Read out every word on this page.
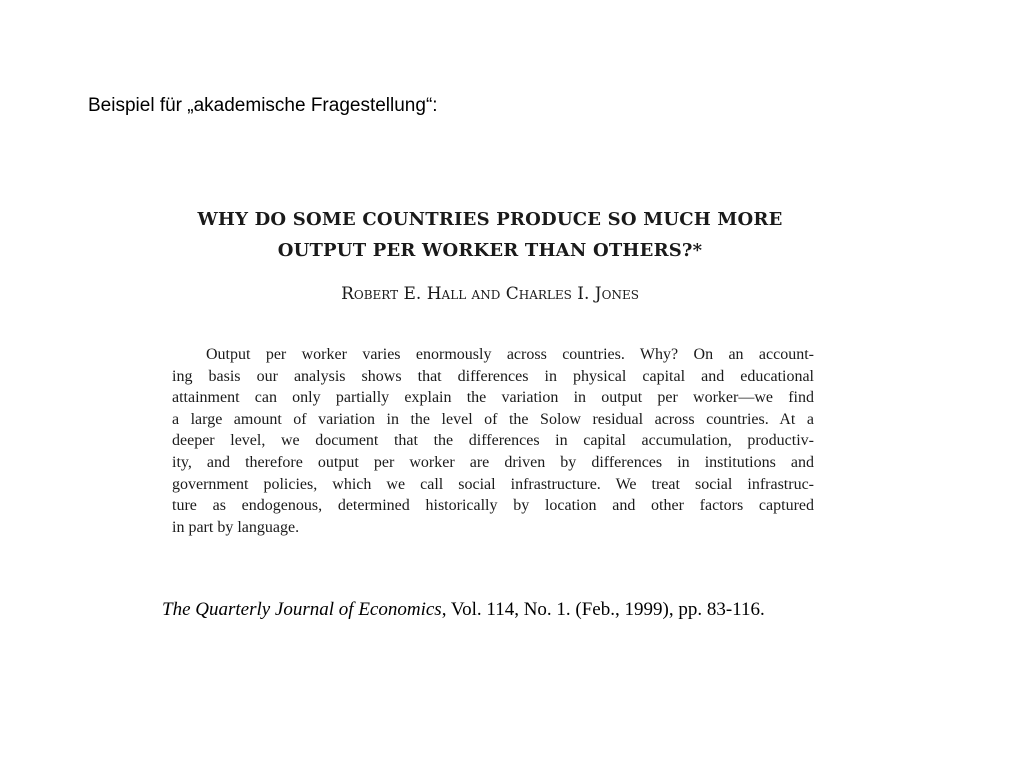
Beispiel für „akademische Fragestellung“:
WHY DO SOME COUNTRIES PRODUCE SO MUCH MORE
OUTPUT PER WORKER THAN OTHERS?*
Robert E. Hall and Charles I. Jones
Output per worker varies enormously across countries. Why? On an account-
ing basis our analysis shows that differences in physical capital and educational
attainment can only partially explain the variation in output per worker—we find
a large amount of variation in the level of the Solow residual across countries. At a
deeper level, we document that the differences in capital accumulation, productiv-
ity, and therefore output per worker are driven by differences in institutions and
government policies, which we call social infrastructure. We treat social infrastruc-
ture as endogenous, determined historically by location and other factors captured
in part by language.
The Quarterly Journal of Economics, Vol. 114, No. 1. (Feb., 1999), pp. 83-116.
